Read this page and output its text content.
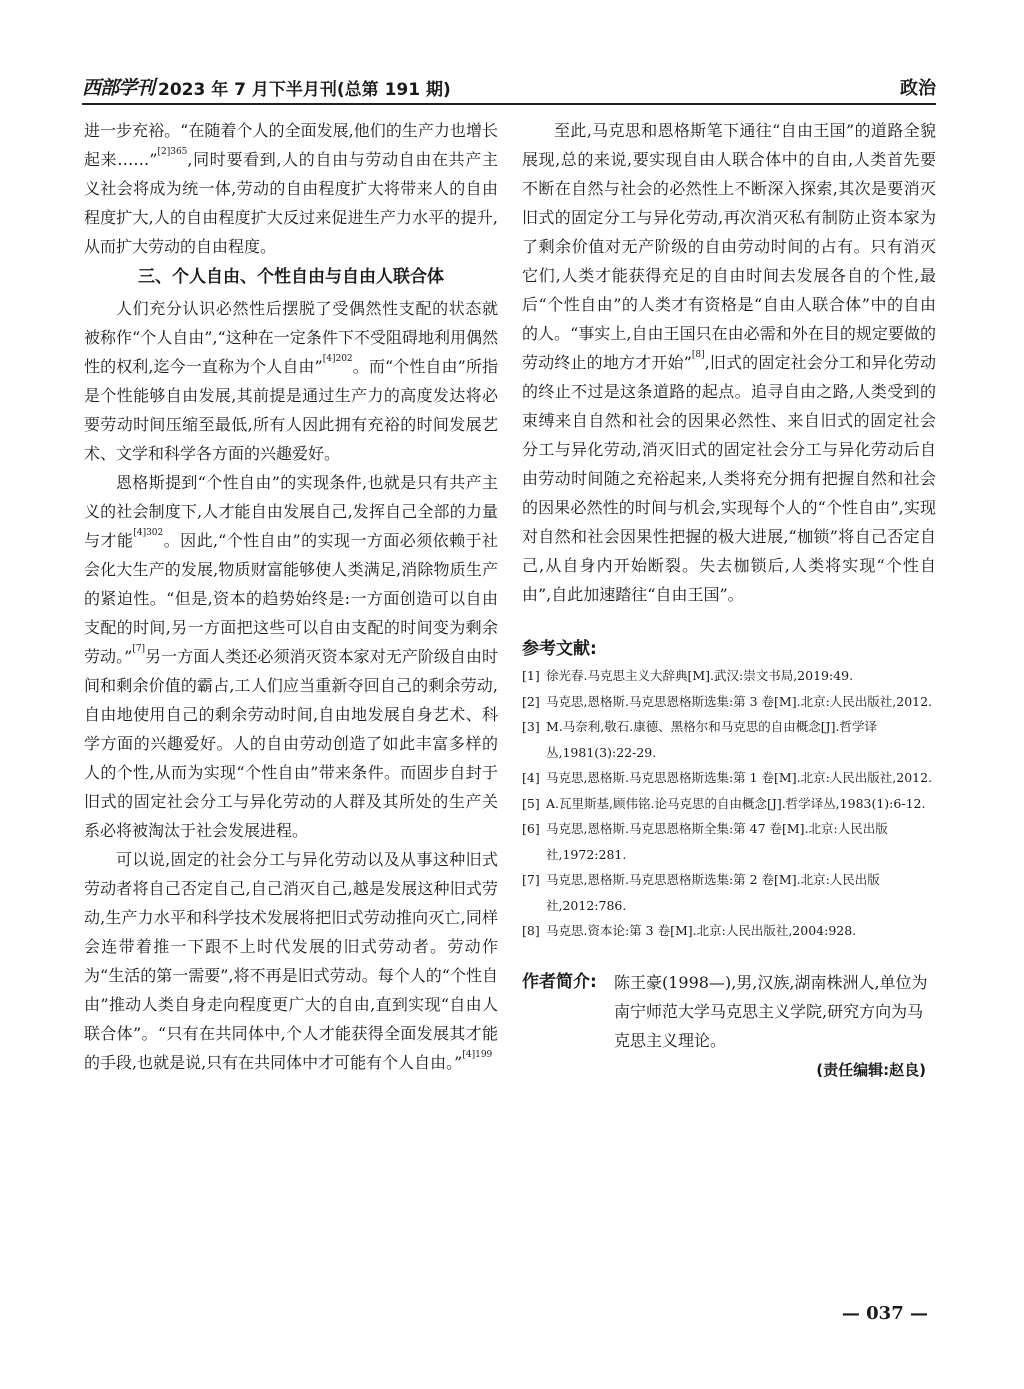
西部学刊 2023 年 7 月下半月刊(总第 191 期)	政治

进一步充裕。“在随着个人的全面发展,他们的生产力也增长起来……”$^{[2]365}$,同时要看到,人的自由与劳动自由在共产主义社会将成为统一体,劳动的自由程度扩大将带来人的自由程度扩大,人的自由程度扩大反过来促进生产力水平的提升,从而扩大劳动的自由程度。

三、个人自由、个性自由与自由人联合体

人们充分认识必然性后摆脱了受偶然性支配的状态就被称作“个人自由”,“这种在一定条件下不受阻碍地利用偶然性的权利,迄今一直称为个人自由”$^{[4]202}$。而“个性自由”所指是个性能够自由发展,其前提是通过生产力的高度发达将必要劳动时间压缩至最低,所有人因此拥有充裕的时间发展艺术、文学和科学各方面的兴趣爱好。

恩格斯提到“个性自由”的实现条件,也就是只有共产主义的社会制度下,人才能自由发展自己,发挥自己全部的力量与才能$^{[4]302}$。因此,“个性自由”的实现一方面必须依赖于社会化大生产的发展,物质财富能够使人类满足,消除物质生产的紧迫性。“但是,资本的趋势始终是:一方面创造可以自由支配的时间,另一方面把这些可以自由支配的时间变为剩余劳动。”[7]另一方面人类还必须消灭资本家对无产阶级自由时间和剩余价值的霸占,工人们应当重新夺回自己的剩余劳动,自由地使用自己的剩余劳动时间,自由地发展自身艺术、科学方面的兴趣爱好。人的自由劳动创造了如此丰富多样的人的个性,从而为实现“个性自由”带来条件。而固步自封于旧式的固定社会分工与异化劳动的人群及其所处的生产关系必将被淘汰于社会发展进程。

可以说,固定的社会分工与异化劳动以及从事这种旧式劳动者将自己否定自己,自己消灭自己,越是发展这种旧式劳动,生产力水平和科学技术发展将把旧式劳动推向灭亡,同样会连带着推一下跟不上时代发展的旧式劳动者。劳动作为“生活的第一需要”,将不再是旧式劳动。每个人的“个性自由”推动人类自身走向程度更广大的自由,直到实现“自由人联合体”。“只有在共同体中,个人才能获得全面发展其才能的手段,也就是说,只有在共同体中才可能有个人自由。”$^{[4]199}$

至此,马克思和恩格斯笔下通往“自由王国”的道路全貌展现,总的来说,要实现自由人联合体中的自由,人类首先要不断在自然与社会的必然性上不断深入探索,其次是要消灭旧式的固定分工与异化劳动,再次消灭私有制防止资本家为了剩余价值对无产阶级的自由劳动时间的占有。只有消灭它们,人类才能获得充足的自由时间去发展各自的个性,最后“个性自由”的人类才有资格是“自由人联合体”中的自由的人。“事实上,自由王国只在由必需和外在目的规定要做的劳动终止的地方才开始”[8],旧式的固定社会分工和异化劳动的终止不过是这条道路的起点。追寻自由之路,人类受到的束缚来自自然和社会的因果必然性、来自旧式的固定社会分工与异化劳动,消灭旧式的固定社会分工与异化劳动后自由劳动时间随之充裕起来,人类将充分拥有把握自然和社会的因果必然性的时间与机会,实现每个人的“个性自由”,实现对自然和社会因果性把握的极大进展,“枷锁”将自己否定自己,从自身内开始断裂。失去枷锁后,人类将实现“个性自由”,自此加速踏往“自由王国”。

参考文献:
[1] 徐光春.马克思主义大辞典[M].武汉:崇文书局,2019:49.
[2] 马克思,恩格斯.马克思恩格斯选集:第 3 卷[M].北京:人民出版社,2012.
[3] M.马奈利,敬石.康德、黑格尔和马克思的自由概念[J].哲学译丛,1981(3):22-29.
[4] 马克思,恩格斯.马克思恩格斯选集:第 1 卷[M].北京:人民出版社,2012.
[5] A.瓦里斯基,顾伟铭.论马克思的自由概念[J].哲学译丛,1983(1):6-12.
[6] 马克思,恩格斯.马克思恩格斯全集:第 47 卷[M].北京:人民出版社,1972:281.
[7] 马克思,恩格斯.马克思恩格斯选集:第 2 卷[M].北京:人民出版社,2012:786.
[8] 马克思.资本论:第 3 卷[M].北京:人民出版社,2004:928.
作者简介:	陈王豪(1998—),男,汉族,湖南株洲人,单位为南宁师范大学马克思主义学院,研究方向为马克思主义理论。
(责任编辑:赵良)
— 037 —
